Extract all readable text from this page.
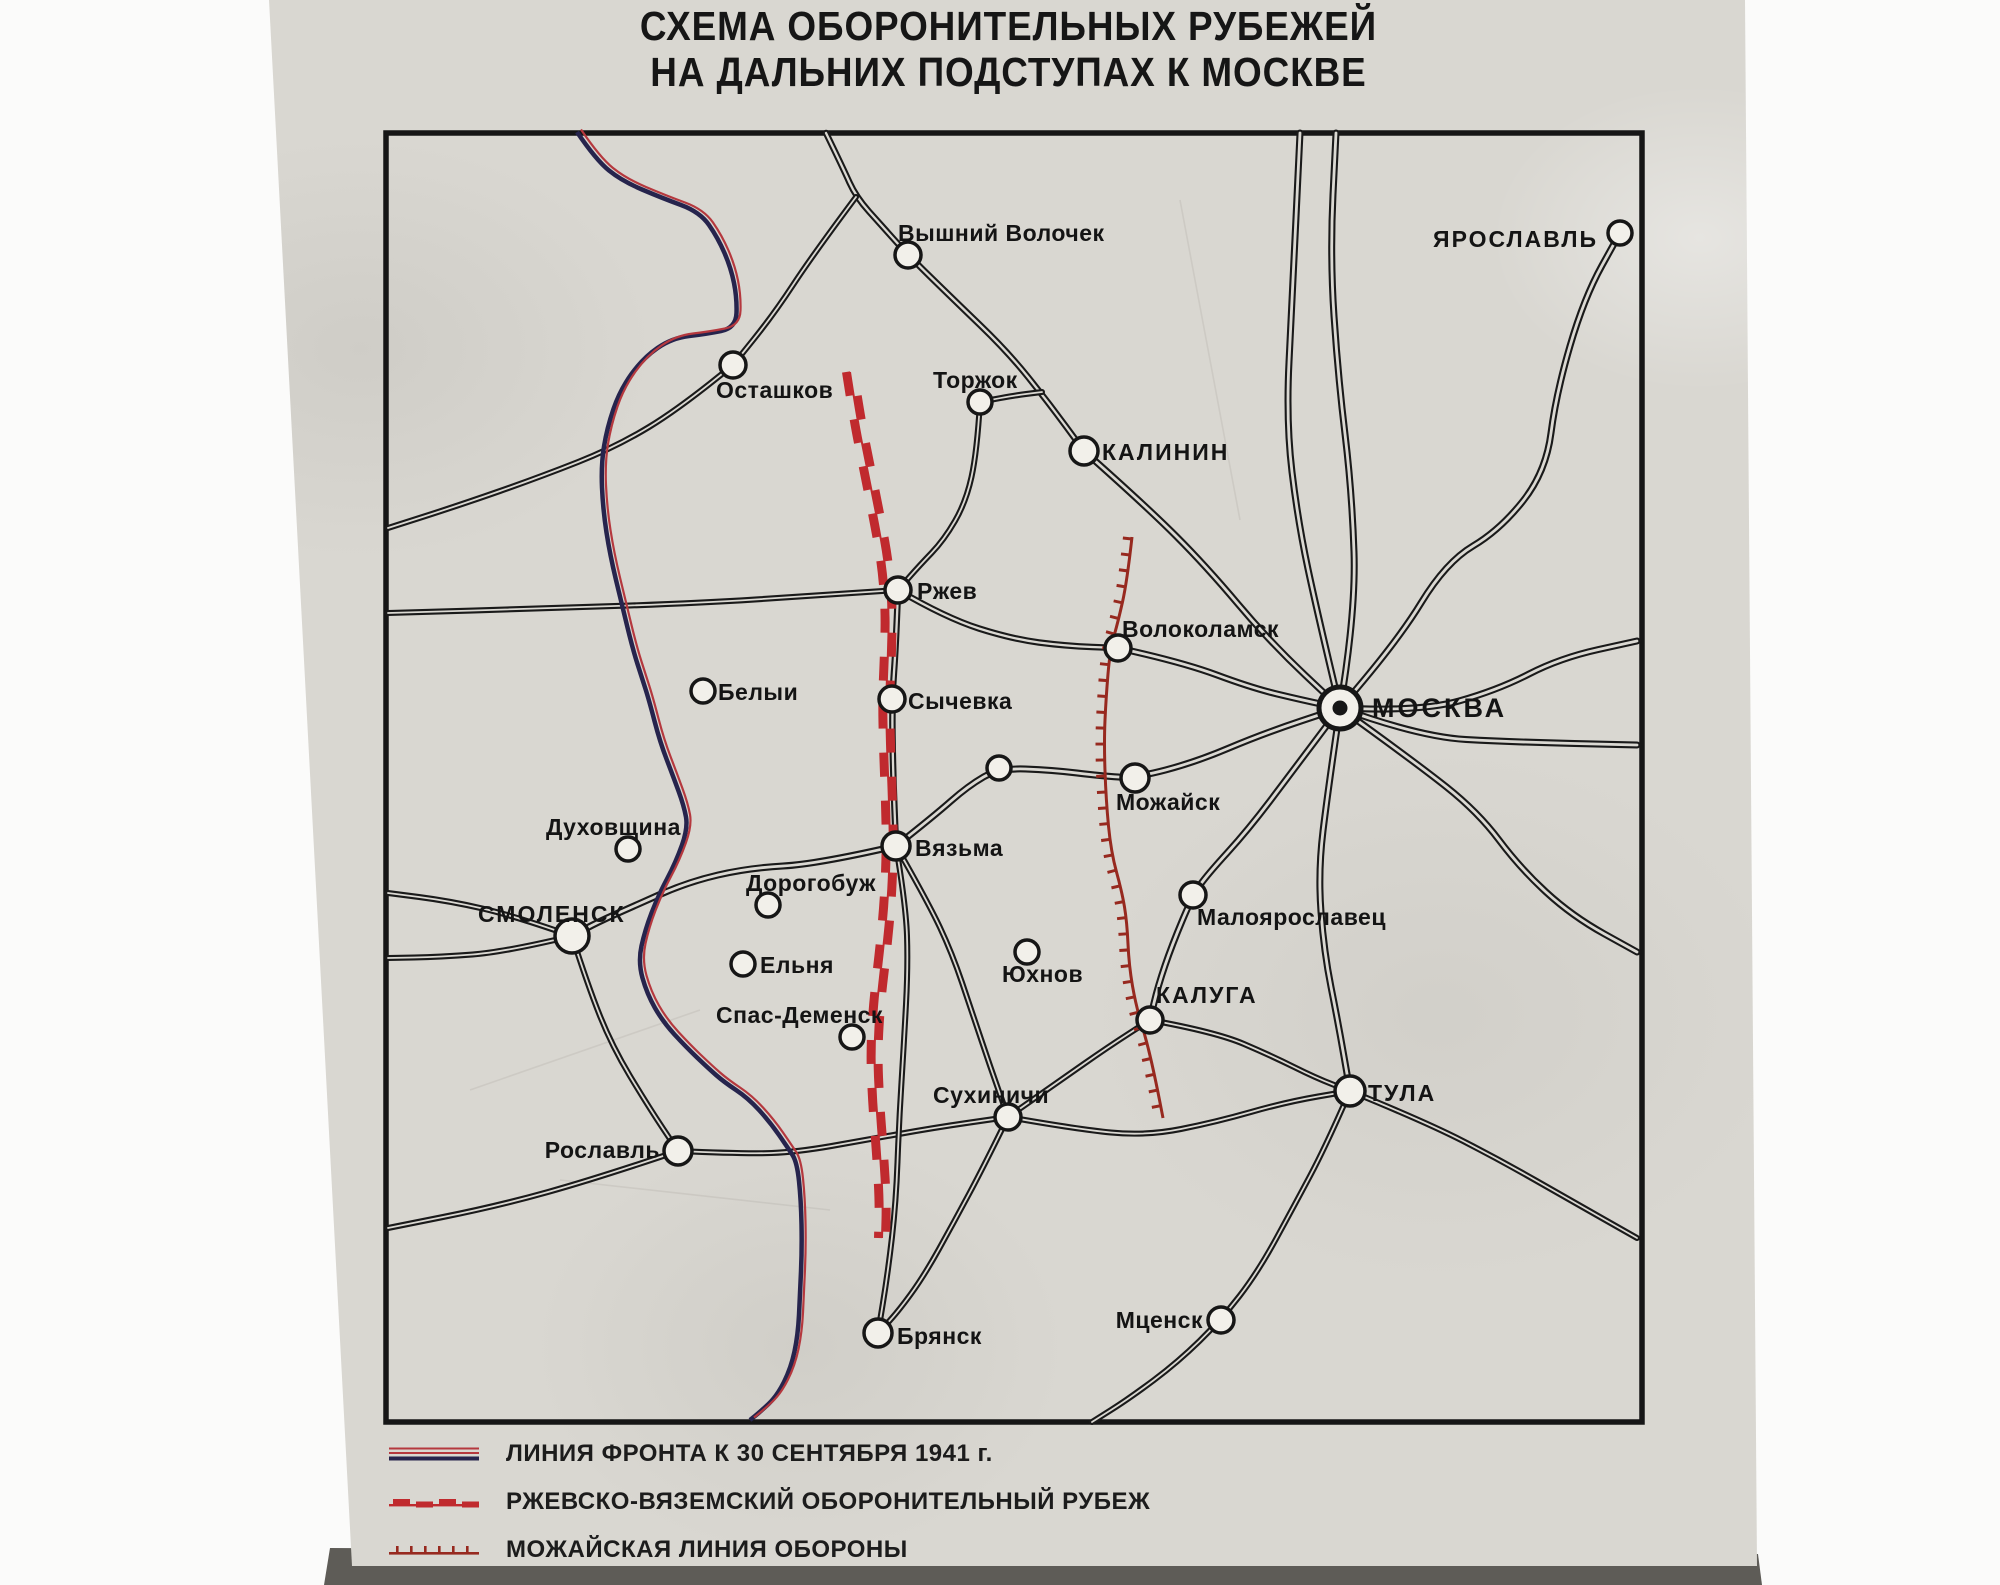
СХЕМА ОБОРОНИТЕЛЬНЫХ РУБЕЖЕЙ
НА ДАЛЬНИХ ПОДСТУПАХ К МОСКВЕ
Вышний Волочек
Осташков	Торжок
КАЛИНИН
ЯРОСЛАВЛЬ
Ржев
Волоколамск
МОСКВА
Белыи	Сычевка
Можайск
Духовщина
Вязьма
Дорогобуж
СМОЛЕНСК	Малоярославец
Ельня	Юхнов
Спас-Деменск
КАЛУГА
Сухиничи	ТУЛА
Рославль
Брянск
Мценск
ЛИНИЯ ФРОНТА К 30 СЕНТЯБРЯ 1941 г.
РЖЕВСКО-ВЯЗЕМСКИЙ ОБОРОНИТЕЛЬНЫЙ РУБЕЖ
МОЖАЙСКАЯ ЛИНИЯ ОБОРОНЫ
